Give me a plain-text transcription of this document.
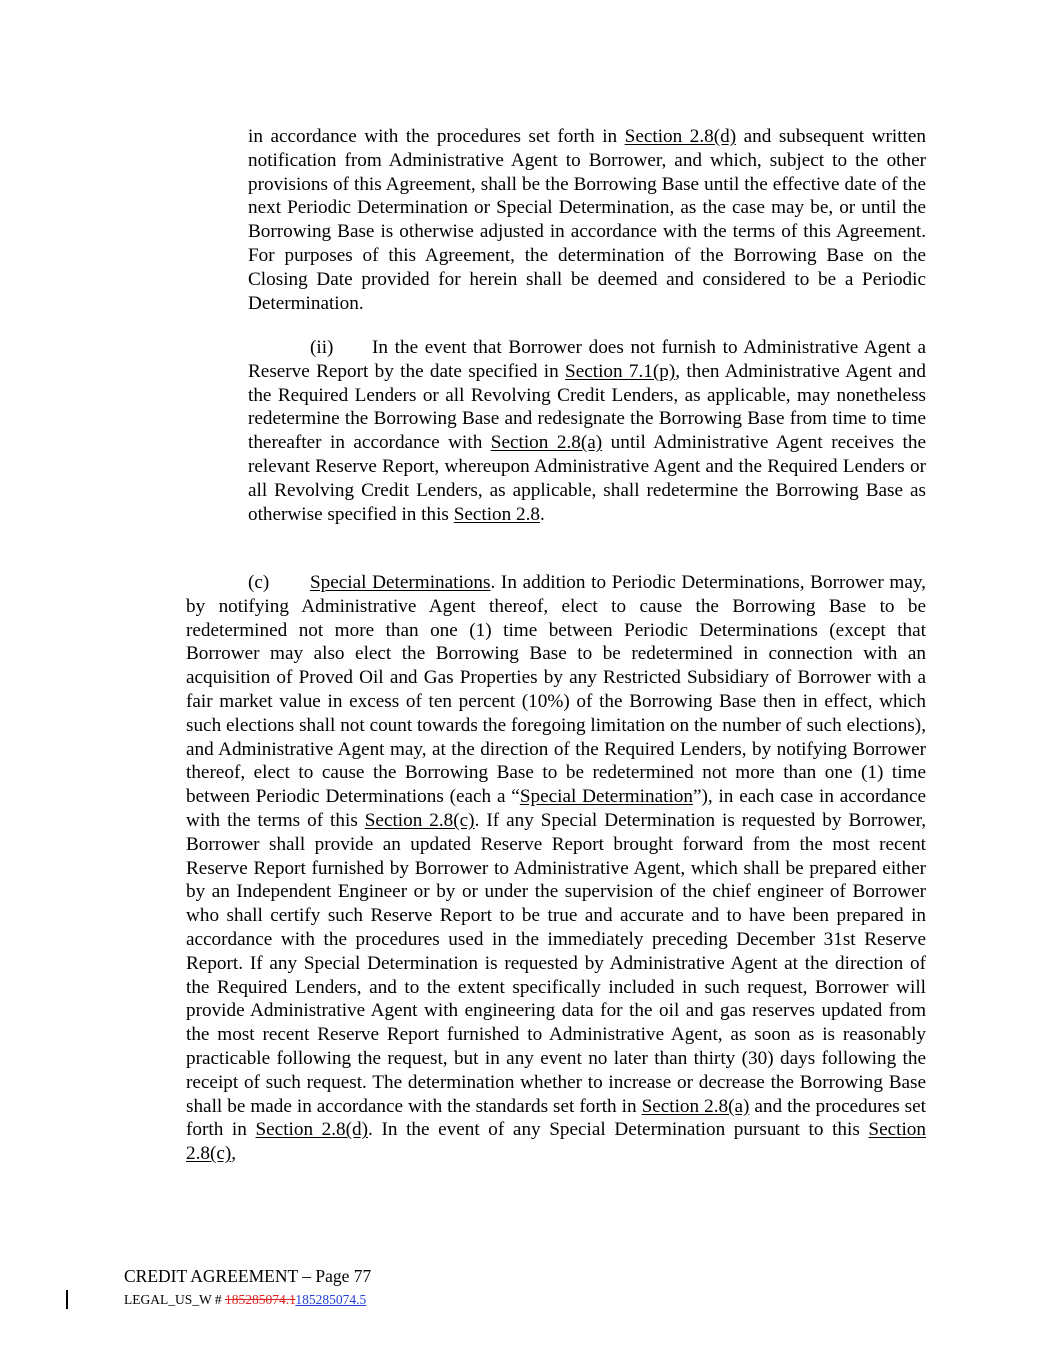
in accordance with the procedures set forth in Section 2.8(d) and subsequent written notification from Administrative Agent to Borrower, and which, subject to the other provisions of this Agreement, shall be the Borrowing Base until the effective date of the next Periodic Determination or Special Determination, as the case may be, or until the Borrowing Base is otherwise adjusted in accordance with the terms of this Agreement. For purposes of this Agreement, the determination of the Borrowing Base on the Closing Date provided for herein shall be deemed and considered to be a Periodic Determination.

(ii) In the event that Borrower does not furnish to Administrative Agent a Reserve Report by the date specified in Section 7.1(p), then Administrative Agent and the Required Lenders or all Revolving Credit Lenders, as applicable, may nonetheless redetermine the Borrowing Base and redesignate the Borrowing Base from time to time thereafter in accordance with Section 2.8(a) until Administrative Agent receives the relevant Reserve Report, whereupon Administrative Agent and the Required Lenders or all Revolving Credit Lenders, as applicable, shall redetermine the Borrowing Base as otherwise specified in this Section 2.8.

(c) Special Determinations. In addition to Periodic Determinations, Borrower may, by notifying Administrative Agent thereof, elect to cause the Borrowing Base to be redetermined not more than one (1) time between Periodic Determinations (except that Borrower may also elect the Borrowing Base to be redetermined in connection with an acquisition of Proved Oil and Gas Properties by any Restricted Subsidiary of Borrower with a fair market value in excess of ten percent (10%) of the Borrowing Base then in effect, which such elections shall not count towards the foregoing limitation on the number of such elections), and Administrative Agent may, at the direction of the Required Lenders, by notifying Borrower thereof, elect to cause the Borrowing Base to be redetermined not more than one (1) time between Periodic Determinations (each a “Special Determination”), in each case in accordance with the terms of this Section 2.8(c). If any Special Determination is requested by Borrower, Borrower shall provide an updated Reserve Report brought forward from the most recent Reserve Report furnished by Borrower to Administrative Agent, which shall be prepared either by an Independent Engineer or by or under the supervision of the chief engineer of Borrower who shall certify such Reserve Report to be true and accurate and to have been prepared in accordance with the procedures used in the immediately preceding December 31st Reserve Report. If any Special Determination is requested by Administrative Agent at the direction of the Required Lenders, and to the extent specifically included in such request, Borrower will provide Administrative Agent with engineering data for the oil and gas reserves updated from the most recent Reserve Report furnished to Administrative Agent, as soon as is reasonably practicable following the request, but in any event no later than thirty (30) days following the receipt of such request. The determination whether to increase or decrease the Borrowing Base shall be made in accordance with the standards set forth in Section 2.8(a) and the procedures set forth in Section 2.8(d). In the event of any Special Determination pursuant to this Section 2.8(c),

CREDIT AGREEMENT – Page 77
LEGAL_US_W # 185285074.1185285074.5
